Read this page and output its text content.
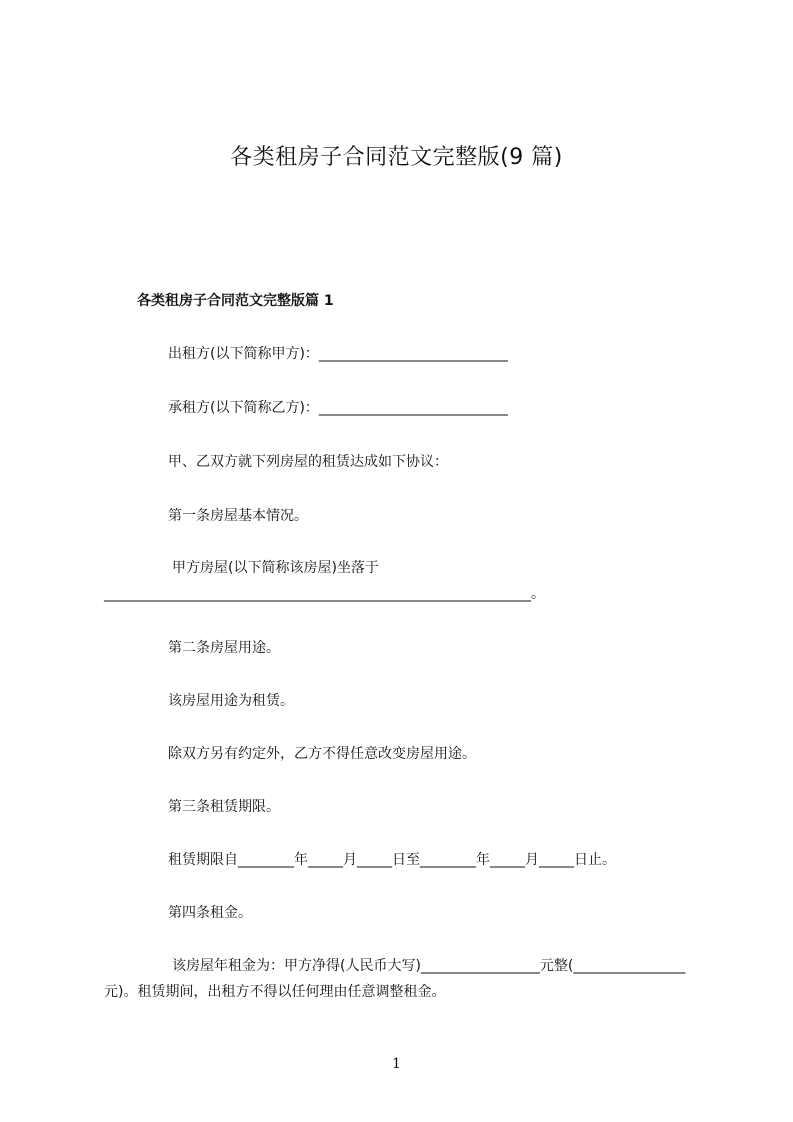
各类租房子合同范文完整版(9 篇)
各类租房子合同范文完整版篇 1
出租方(以下简称甲方)：___________________________
承租方(以下简称乙方)：___________________________
甲、乙双方就下列房屋的租赁达成如下协议：
第一条房屋基本情况。
甲方房屋(以下简称该房屋)坐落于_____________________________________________________________。
第二条房屋用途。
该房屋用途为租赁。
除双方另有约定外，乙方不得任意改变房屋用途。
第三条租赁期限。
租赁期限自________年_____月_____日至________年_____月_____日止。
第四条租金。
该房屋年租金为：甲方净得(人民币大写)_________________元整(________________元)。租赁期间，出租方不得以任何理由任意调整租金。
1
